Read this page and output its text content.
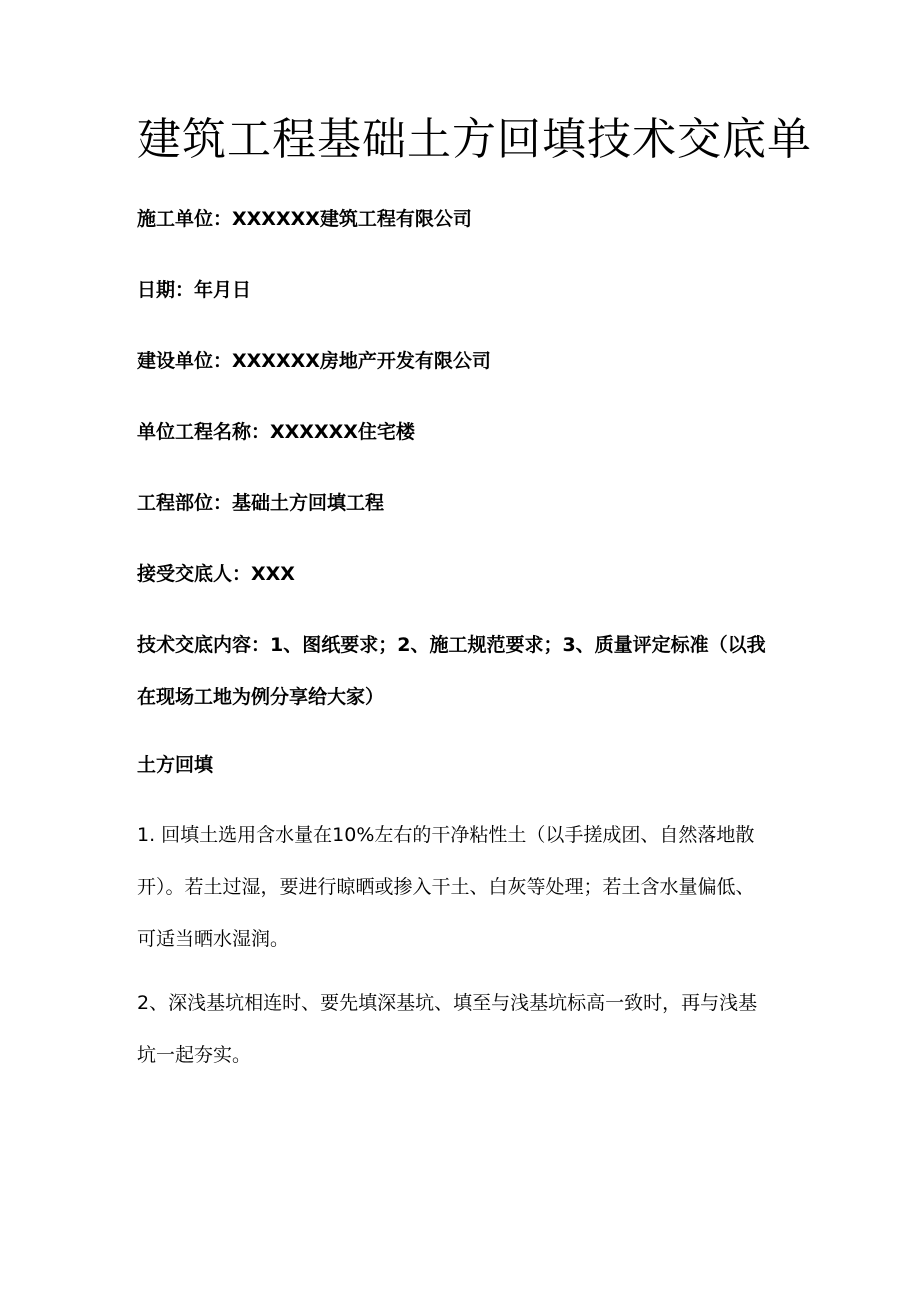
建筑工程基础土方回填技术交底单

施工单位：XXXXXX建筑工程有限公司

日期：年月日

建设单位：XXXXXX房地产开发有限公司

单位工程名称：XXXXXX住宅楼

工程部位：基础土方回填工程

接受交底人：XXX

技术交底内容：1、图纸要求；2、施工规范要求；3、质量评定标准（以我
在现场工地为例分享给大家）

土方回填

1. 回填土选用含水量在10%左右的干净粘性土（以手搓成团、自然落地散
开）。若土过湿，要进行晾晒或掺入干土、白灰等处理；若土含水量偏低、
可适当晒水湿润。
2、深浅基坑相连时、要先填深基坑、填至与浅基坑标高一致时，再与浅基
坑一起夯实。
